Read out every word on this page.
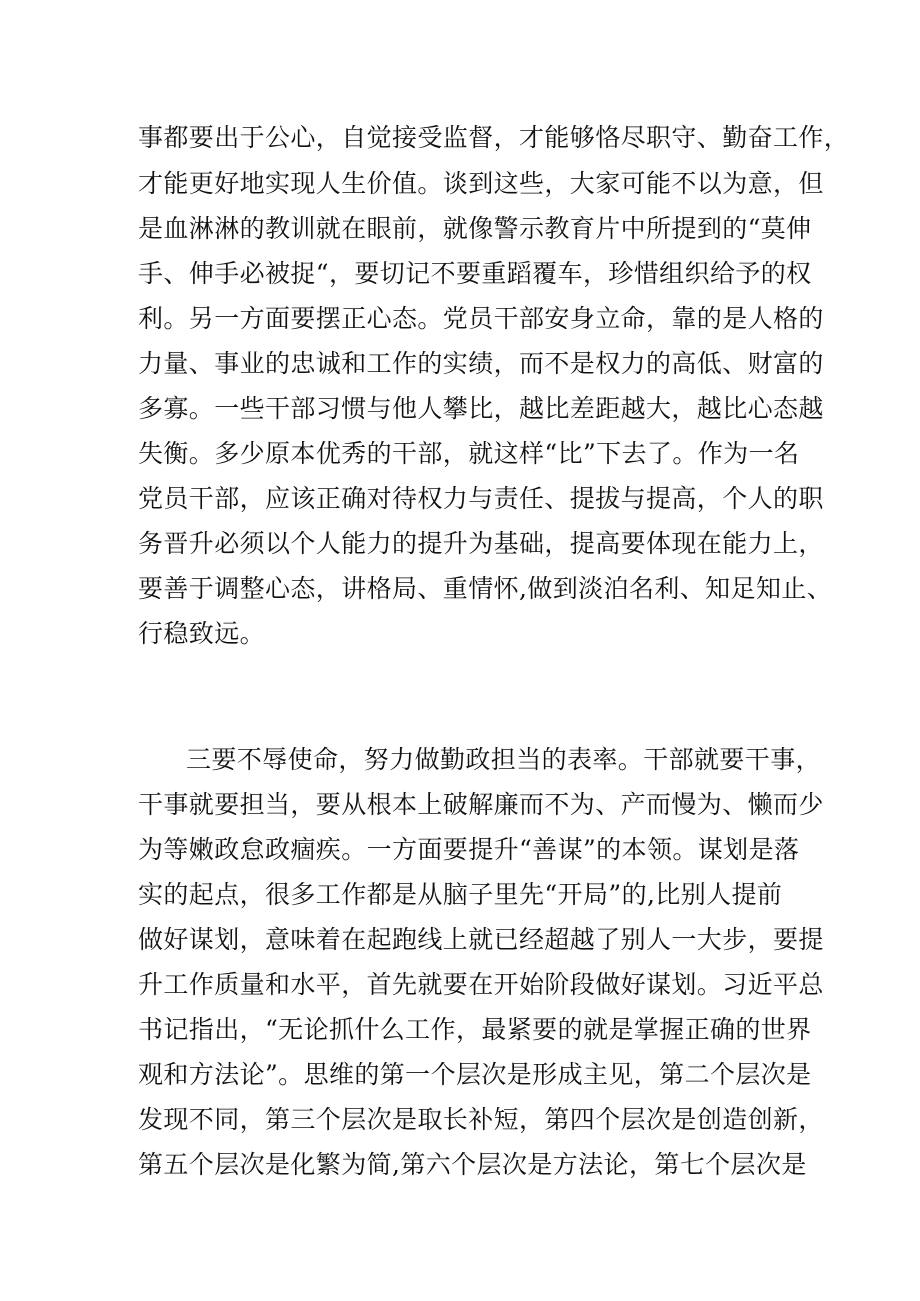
事都要出于公心，自觉接受监督，才能够恪尽职守、勤奋工作，
才能更好地实现人生价值。谈到这些，大家可能不以为意，但
是血淋淋的教训就在眼前，就像警示教育片中所提到的“莫伸
手、伸手必被捉“，要切记不要重蹈覆车，珍惜组织给予的权
利。另一方面要摆正心态。党员干部安身立命，靠的是人格的
力量、事业的忠诚和工作的实绩，而不是权力的高低、财富的
多寡。一些干部习惯与他人攀比，越比差距越大，越比心态越
失衡。多少原本优秀的干部，就这样“比”下去了。作为一名
党员干部，应该正确对待权力与责任、提拔与提高，个人的职
务晋升必须以个人能力的提升为基础，提高要体现在能力上，
要善于调整心态，讲格局、重情怀,做到淡泊名利、知足知止、
行稳致远。
三要不辱使命，努力做勤政担当的表率。干部就要干事，
干事就要担当，要从根本上破解廉而不为、产而慢为、懒而少
为等嫩政怠政痼疾。一方面要提升“善谋”的本领。谋划是落
实的起点，很多工作都是从脑子里先“开局”的,比别人提前
做好谋划，意味着在起跑线上就已经超越了别人一大步，要提
升工作质量和水平，首先就要在开始阶段做好谋划。习近平总
书记指出，“无论抓什么工作，最紧要的就是掌握正确的世界
观和方法论”。思维的第一个层次是形成主见，第二个层次是
发现不同，第三个层次是取长补短，第四个层次是创造创新，
第五个层次是化繁为简,第六个层次是方法论，第七个层次是
